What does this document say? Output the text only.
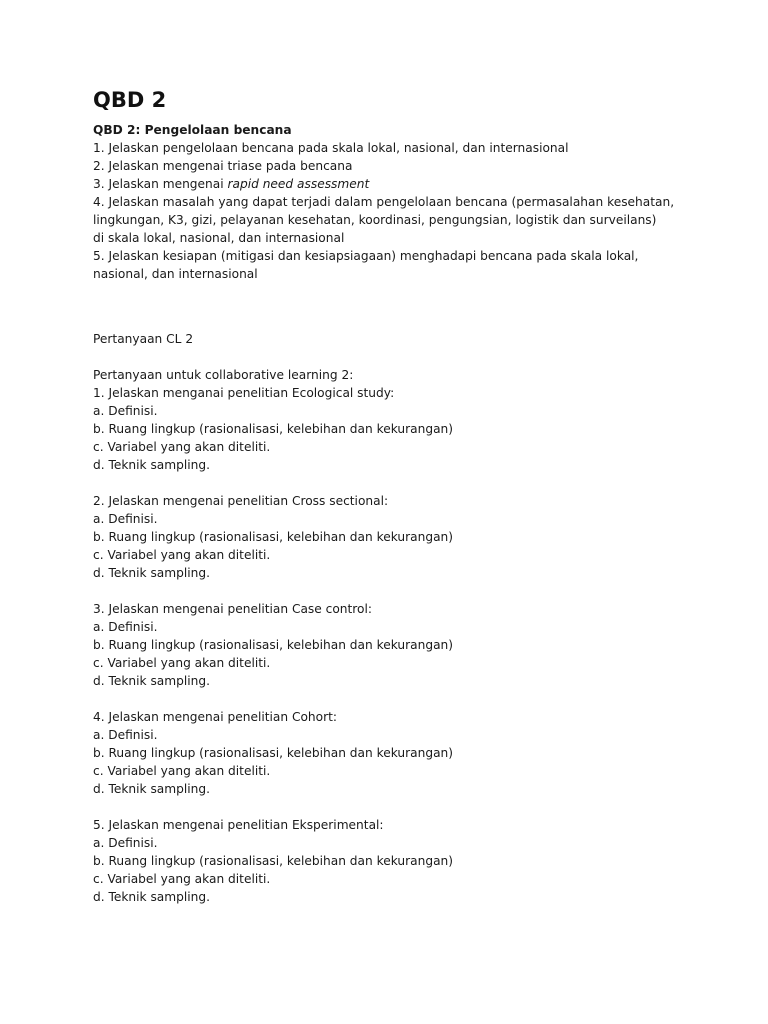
QBD 2
QBD 2: Pengelolaan bencana
1. Jelaskan pengelolaan bencana pada skala lokal, nasional, dan internasional
2. Jelaskan mengenai triase pada bencana
3. Jelaskan mengenai rapid need assessment
4. Jelaskan masalah yang dapat terjadi dalam pengelolaan bencana (permasalahan kesehatan,
lingkungan, K3, gizi, pelayanan kesehatan, koordinasi, pengungsian, logistik dan surveilans)
di skala lokal, nasional, dan internasional
5. Jelaskan kesiapan (mitigasi dan kesiapsiagaan) menghadapi bencana pada skala lokal,
nasional, dan internasional
Pertanyaan CL 2
Pertanyaan untuk collaborative learning 2:
1. Jelaskan menganai penelitian Ecological study:
a. Definisi.
b. Ruang lingkup (rasionalisasi, kelebihan dan kekurangan)
c. Variabel yang akan diteliti.
d. Teknik sampling.
2. Jelaskan mengenai penelitian Cross sectional:
a. Definisi.
b. Ruang lingkup (rasionalisasi, kelebihan dan kekurangan)
c. Variabel yang akan diteliti.
d. Teknik sampling.
3. Jelaskan mengenai penelitian Case control:
a. Definisi.
b. Ruang lingkup (rasionalisasi, kelebihan dan kekurangan)
c. Variabel yang akan diteliti.
d. Teknik sampling.
4. Jelaskan mengenai penelitian Cohort:
a. Definisi.
b. Ruang lingkup (rasionalisasi, kelebihan dan kekurangan)
c. Variabel yang akan diteliti.
d. Teknik sampling.
5. Jelaskan mengenai penelitian Eksperimental:
a. Definisi.
b. Ruang lingkup (rasionalisasi, kelebihan dan kekurangan)
c. Variabel yang akan diteliti.
d. Teknik sampling.
